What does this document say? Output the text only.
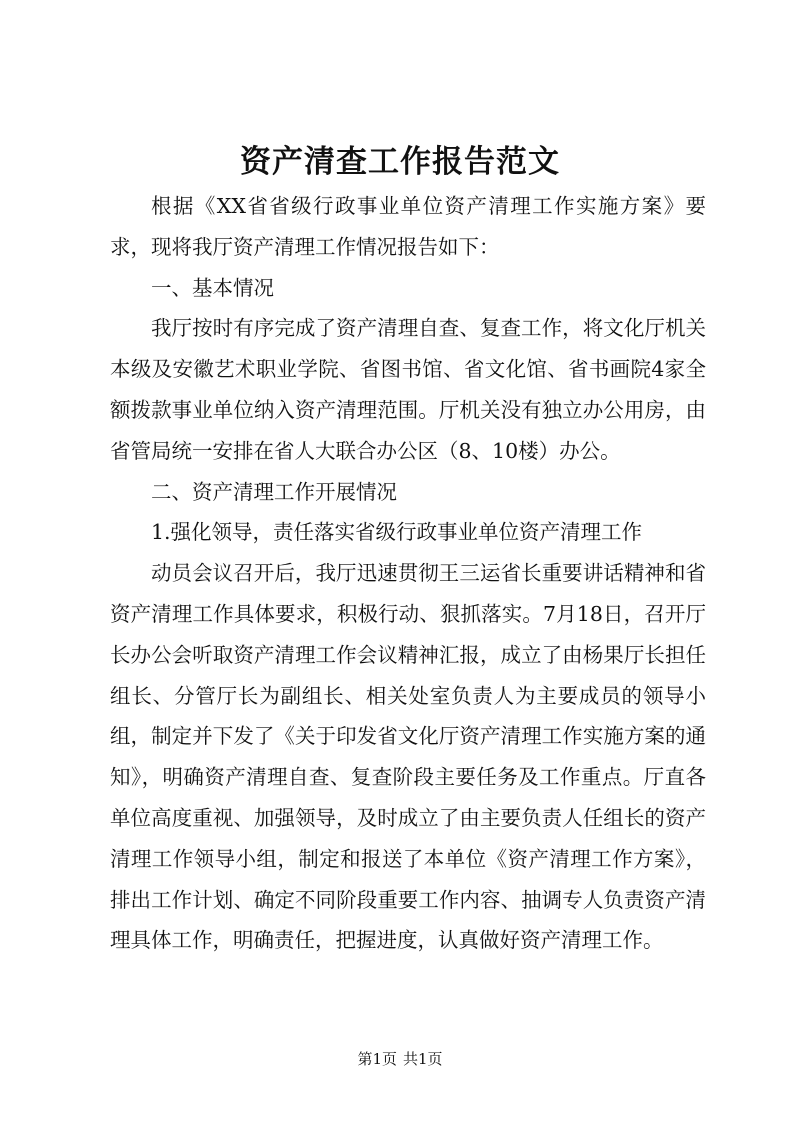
资产清查工作报告范文

根据《XX省省级行政事业单位资产清理工作实施方案》要求，现将我厅资产清理工作情况报告如下：

一、基本情况

我厅按时有序完成了资产清理自查、复查工作，将文化厅机关本级及安徽艺术职业学院、省图书馆、省文化馆、省书画院4家全额拨款事业单位纳入资产清理范围。厅机关没有独立办公用房，由省管局统一安排在省人大联合办公区（8、10楼）办公。

二、资产清理工作开展情况

1.强化领导，责任落实省级行政事业单位资产清理工作

动员会议召开后，我厅迅速贯彻王三运省长重要讲话精神和省资产清理工作具体要求，积极行动、狠抓落实。7月18日，召开厅长办公会听取资产清理工作会议精神汇报，成立了由杨果厅长担任组长、分管厅长为副组长、相关处室负责人为主要成员的领导小组，制定并下发了《关于印发省文化厅资产清理工作实施方案的通知》，明确资产清理自查、复查阶段主要任务及工作重点。厅直各单位高度重视、加强领导，及时成立了由主要负责人任组长的资产清理工作领导小组，制定和报送了本单位《资产清理工作方案》，排出工作计划、确定不同阶段重要工作内容、抽调专人负责资产清理具体工作，明确责任，把握进度，认真做好资产清理工作。

第1页 共1页
